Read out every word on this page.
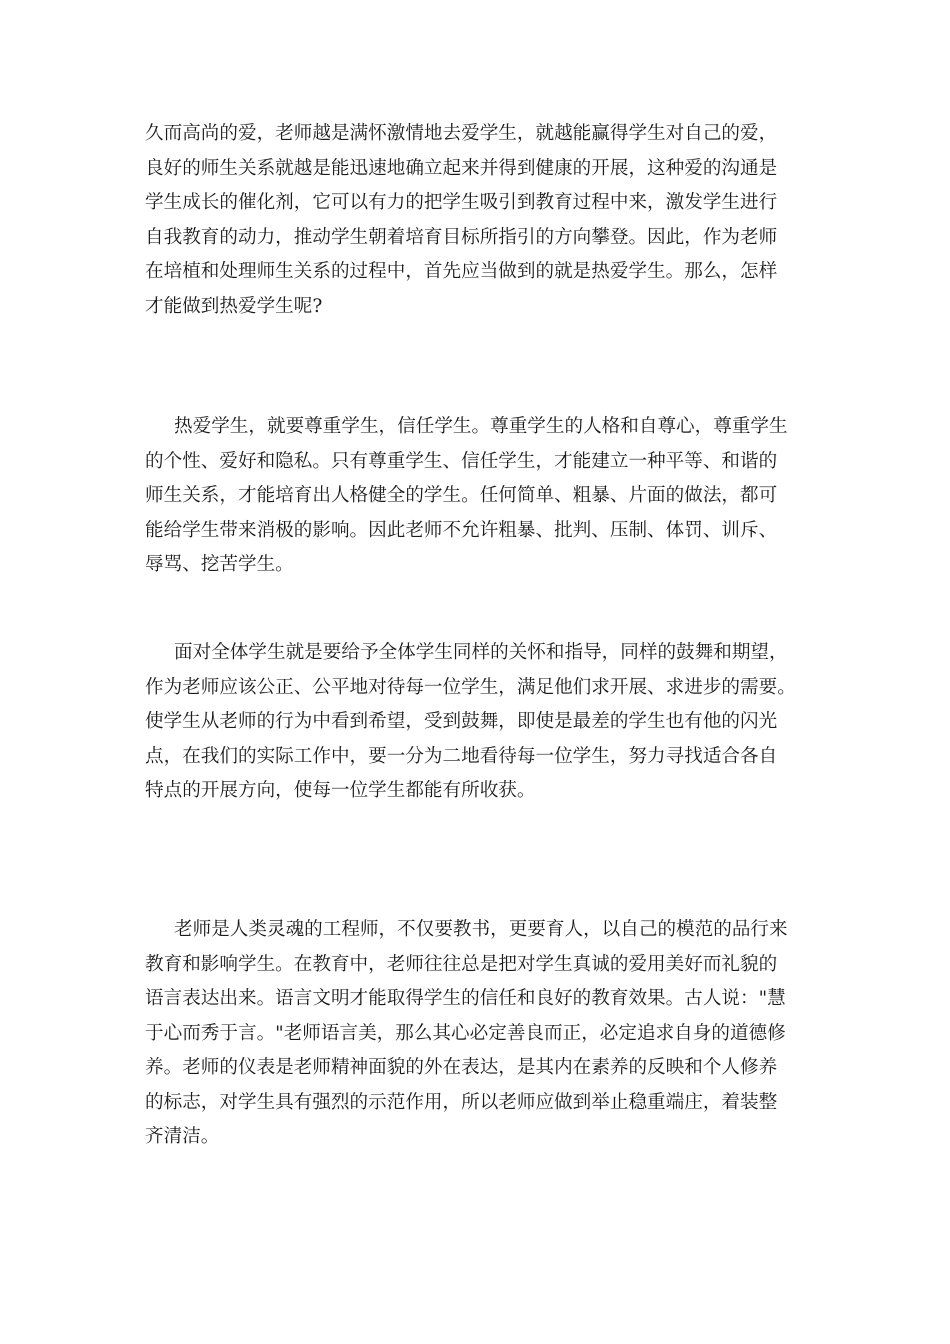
久而高尚的爱，老师越是满怀激情地去爱学生，就越能赢得学生对自己的爱，
良好的师生关系就越是能迅速地确立起来并得到健康的开展，这种爱的沟通是
学生成长的催化剂，它可以有力的把学生吸引到教育过程中来，激发学生进行
自我教育的动力，推动学生朝着培育目标所指引的方向攀登。因此，作为老师
在培植和处理师生关系的过程中，首先应当做到的就是热爱学生。那么，怎样
才能做到热爱学生呢?
热爱学生，就要尊重学生，信任学生。尊重学生的人格和自尊心，尊重学生
的个性、爱好和隐私。只有尊重学生、信任学生，才能建立一种平等、和谐的
师生关系，才能培育出人格健全的学生。任何简单、粗暴、片面的做法，都可
能给学生带来消极的影响。因此老师不允许粗暴、批判、压制、体罚、训斥、
辱骂、挖苦学生。
面对全体学生就是要给予全体学生同样的关怀和指导，同样的鼓舞和期望，
作为老师应该公正、公平地对待每一位学生，满足他们求开展、求进步的需要。
使学生从老师的行为中看到希望，受到鼓舞，即使是最差的学生也有他的闪光
点，在我们的实际工作中，要一分为二地看待每一位学生，努力寻找适合各自
特点的开展方向，使每一位学生都能有所收获。
老师是人类灵魂的工程师，不仅要教书，更要育人，以自己的模范的品行来
教育和影响学生。在教育中，老师往往总是把对学生真诚的爱用美好而礼貌的
语言表达出来。语言文明才能取得学生的信任和良好的教育效果。古人说："慧
于心而秀于言。"老师语言美，那么其心必定善良而正，必定追求自身的道德修
养。老师的仪表是老师精神面貌的外在表达，是其内在素养的反映和个人修养
的标志，对学生具有强烈的示范作用，所以老师应做到举止稳重端庄，着装整
齐清洁。
